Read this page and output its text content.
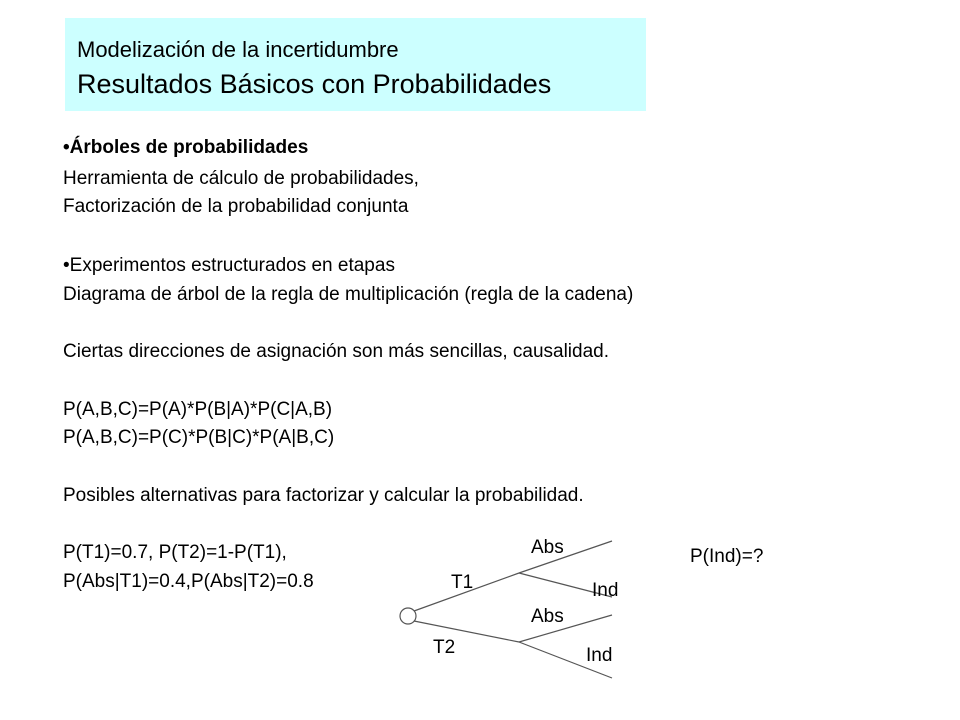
Modelización de la incertidumbre
Resultados Básicos con Probabilidades
•Árboles de probabilidades
Herramienta de cálculo de probabilidades,
Factorización de la probabilidad conjunta
•Experimentos estructurados en etapas
Diagrama de árbol de la regla de multiplicación (regla de la cadena)
Ciertas direcciones de asignación son más sencillas, causalidad.
P(A,B,C)=P(A)*P(B|A)*P(C|A,B)
P(A,B,C)=P(C)*P(B|C)*P(A|B,C)
Posibles alternativas para factorizar y calcular la probabilidad.
P(T1)=0.7, P(T2)=1-P(T1),
P(Abs|T1)=0.4,P(Abs|T2)=0.8
Abs
T1	Ind
Abs
T2	Ind
P(Ind)=?
